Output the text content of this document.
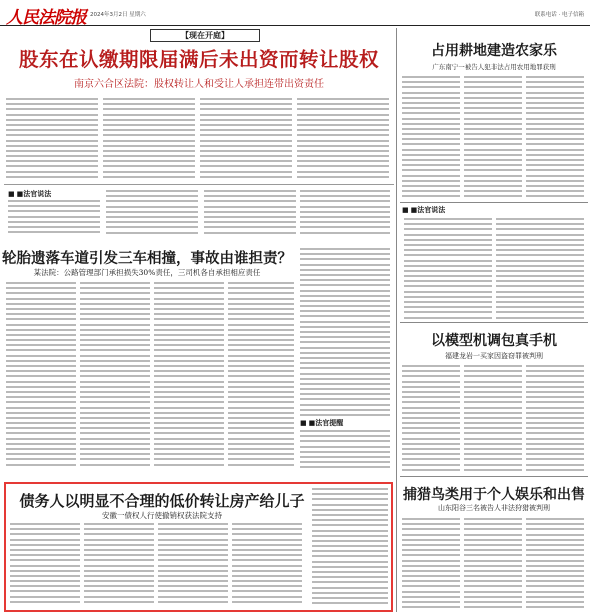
人民法院报 2024年3月2日 星期六	联系电话 · 电子信箱
【现在开庭】
股东在认缴期限届满后未出资而转让股权
南京六合区法院：股权转让人和受让人承担连带出资责任
■ ■法官说法
轮胎遗落车道引发三车相撞，事故由谁担责？
某法院：公路管理部门承担损失30%责任，三司机各自承担相应责任
■ ■法官提醒
债务人以明显不合理的低价转让房产给儿子
安徽一债权人行使撤销权获法院支持
占用耕地建造农家乐
广东南宁一被告人犯非法占用农用地罪获刑
■ ■法官说法
以模型机调包真手机
福建龙岩一买家因盗窃罪被判刑
捕猎鸟类用于个人娱乐和出售
山东阳谷三名被告人非法狩猎被判刑
